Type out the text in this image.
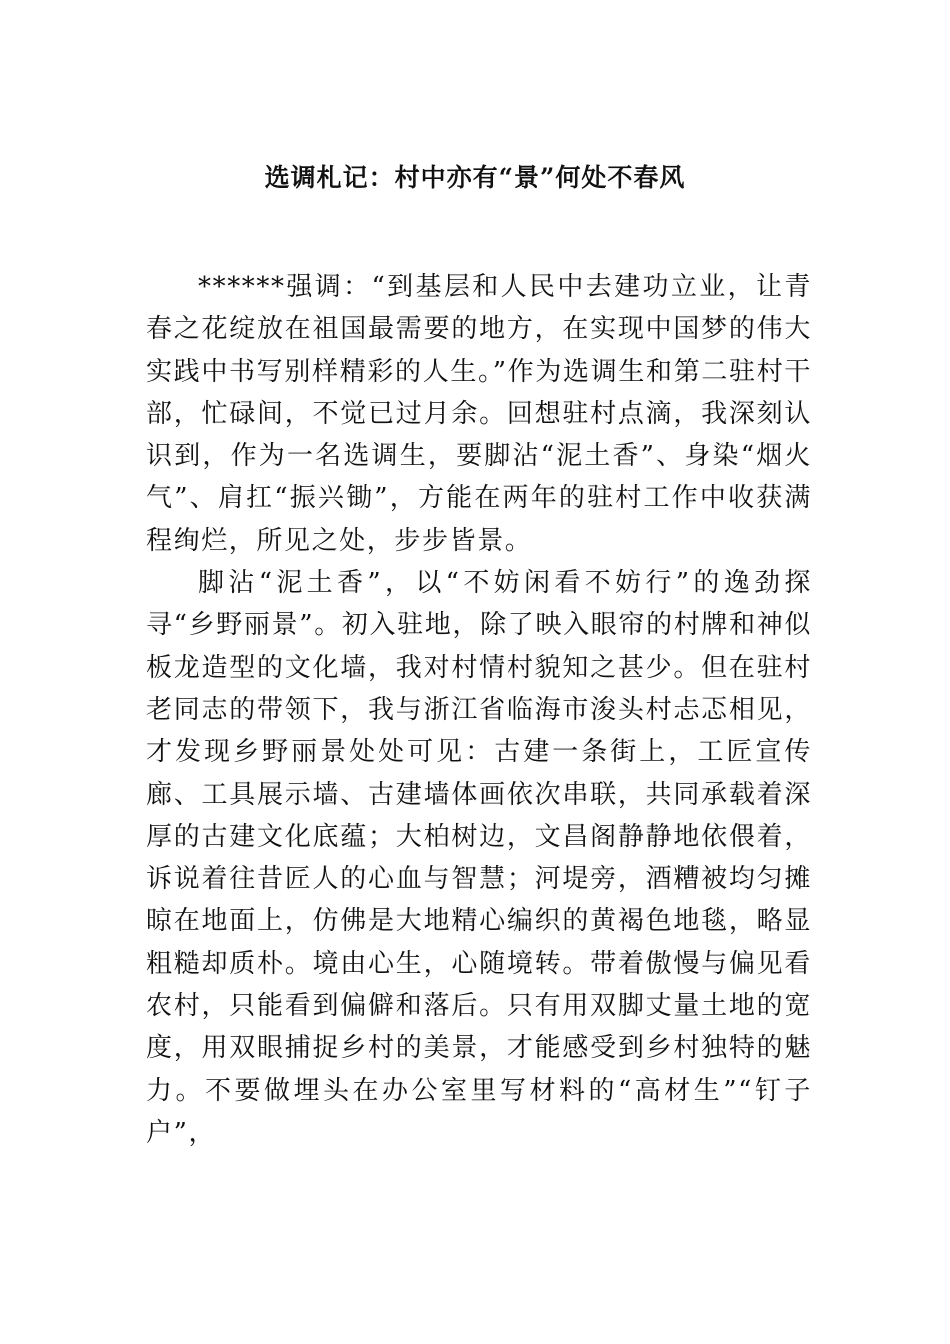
选调札记：村中亦有“景”何处不春风

******强调：“到基层和人民中去建功立业，让青春之花绽放在祖国最需要的地方，在实现中国梦的伟大实践中书写别样精彩的人生。”作为选调生和第二驻村干部，忙碌间，不觉已过月余。回想驻村点滴，我深刻认识到，作为一名选调生，要脚沾“泥土香”、身染“烟火气”、肩扛“振兴锄”，方能在两年的驻村工作中收获满程绚烂，所见之处，步步皆景。

脚沾“泥土香”，以“不妨闲看不妨行”的逸劲探寻“乡野丽景”。初入驻地，除了映入眼帘的村牌和神似板龙造型的文化墙，我对村情村貌知之甚少。但在驻村老同志的带领下，我与浙江省临海市浚头村忐忑相见，才发现乡野丽景处处可见：古建一条街上，工匠宣传廊、工具展示墙、古建墙体画依次串联，共同承载着深厚的古建文化底蕴；大柏树边，文昌阁静静地依偎着，诉说着往昔匠人的心血与智慧；河堤旁，酒糟被均匀摊晾在地面上，仿佛是大地精心编织的黄褐色地毯，略显粗糙却质朴。境由心生，心随境转。带着傲慢与偏见看农村，只能看到偏僻和落后。只有用双脚丈量土地的宽度，用双眼捕捉乡村的美景，才能感受到乡村独特的魅力。不要做埋头在办公室里写材料的“高材生”“钉子户”，
